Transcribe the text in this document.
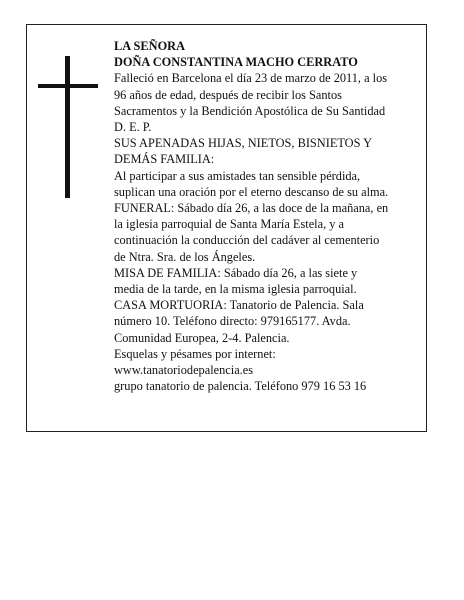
LA SEÑORA
DOÑA CONSTANTINA MACHO CERRATO
Falleció en Barcelona el día 23 de marzo de 2011, a los
96 años de edad, después de recibir los Santos
Sacramentos y la Bendición Apostólica de Su Santidad
D. E. P.
SUS APENADAS HIJAS, NIETOS, BISNIETOS Y
DEMÁS FAMILIA:
Al participar a sus amistades tan sensible pérdida,
suplican una oración por el eterno descanso de su alma.
FUNERAL: Sábado día 26, a las doce de la mañana, en
la iglesia parroquial de Santa María Estela, y a
continuación la conducción del cadáver al cementerio
de Ntra. Sra. de los Ángeles.
MISA DE FAMILIA: Sábado día 26, a las siete y
media de la tarde, en la misma iglesia parroquial.
CASA MORTUORIA: Tanatorio de Palencia. Sala
número 10. Teléfono directo: 979165177. Avda.
Comunidad Europea, 2-4. Palencia.
Esquelas y pésames por internet:
www.tanatoriodepalencia.es
grupo tanatorio de palencia. Teléfono 979 16 53 16
